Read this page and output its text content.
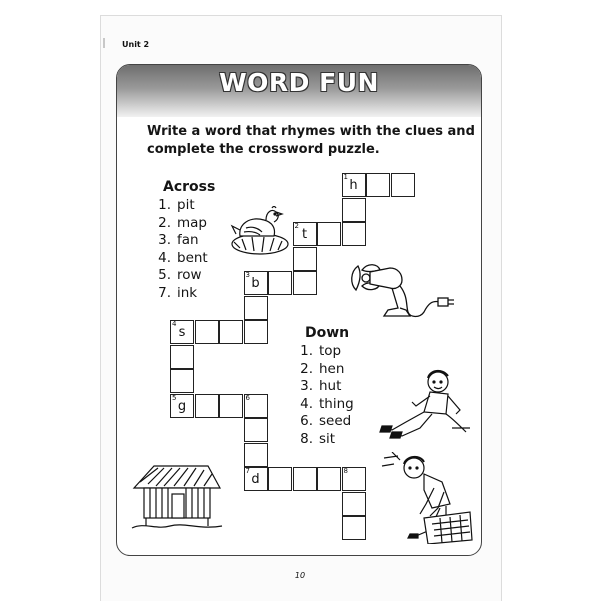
Unit 2
WORD FUN
Write a word that rhymes with the clues and
complete the crossword puzzle.
Across
1. pit
2. map
3. fan
4. bent
5. row
7. ink
Down
1. top
2. hen
3. hut
4. thing
6. seed
8. sit
1
h
2
t
3
b
4
s
5
g
6
7
d
8
10
